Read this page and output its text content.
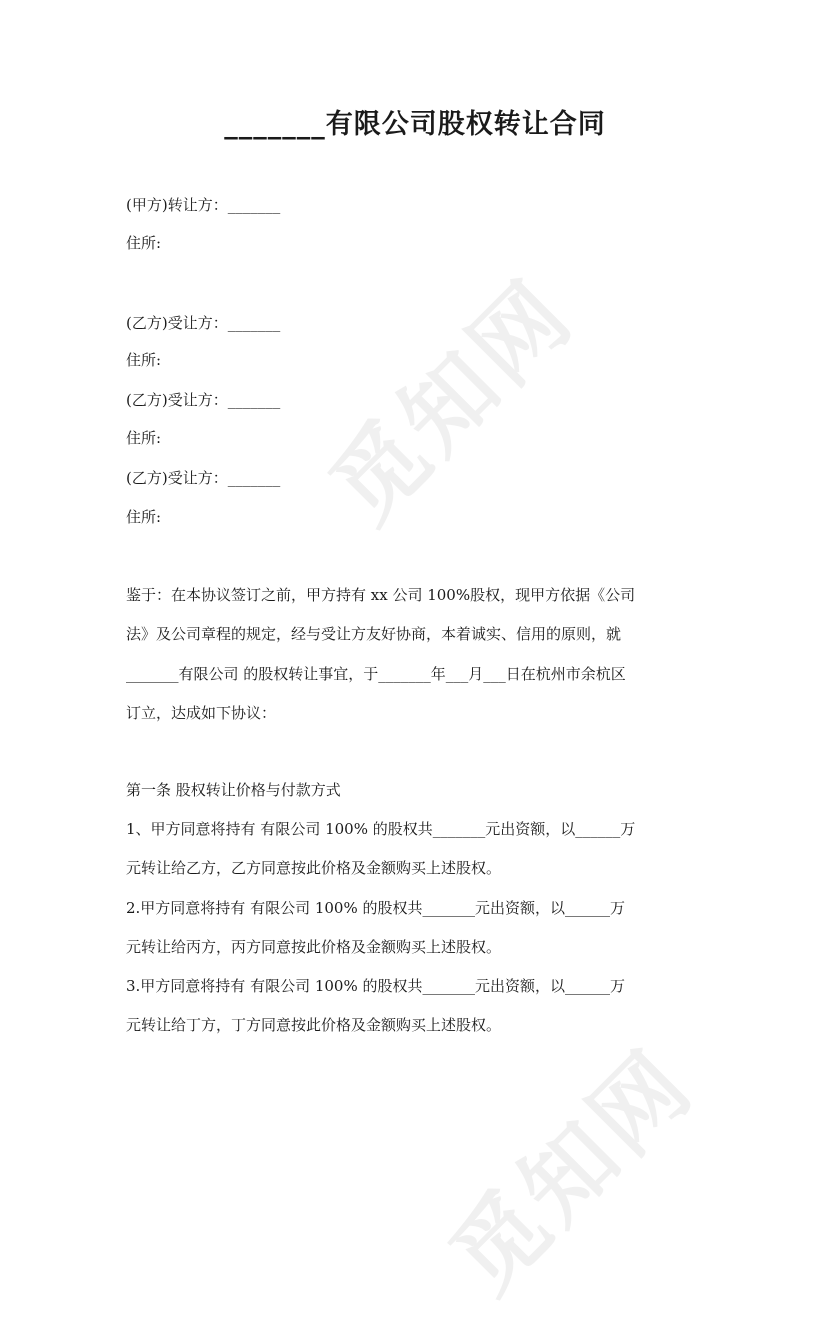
觅知网
觅知网
_______有限公司股权转让合同
(甲方)转让方：_______
住所:
(乙方)受让方：_______
住所:
(乙方)受让方：_______
住所:
(乙方)受让方：_______
住所:
鉴于：在本协议签订之前，甲方持有 xx 公司 100%股权，现甲方依据《公司
法》及公司章程的规定，经与受让方友好协商，本着诚实、信用的原则，就
_______有限公司 的股权转让事宜，于_______年___月___日在杭州市余杭区
订立，达成如下协议：
第一条 股权转让价格与付款方式
1、甲方同意将持有 有限公司 100% 的股权共_______元出资额，以______万
元转让给乙方，乙方同意按此价格及金额购买上述股权。
2.甲方同意将持有 有限公司 100% 的股权共_______元出资额，以______万
元转让给丙方，丙方同意按此价格及金额购买上述股权。
3.甲方同意将持有 有限公司 100% 的股权共_______元出资额，以______万
元转让给丁方，丁方同意按此价格及金额购买上述股权。
